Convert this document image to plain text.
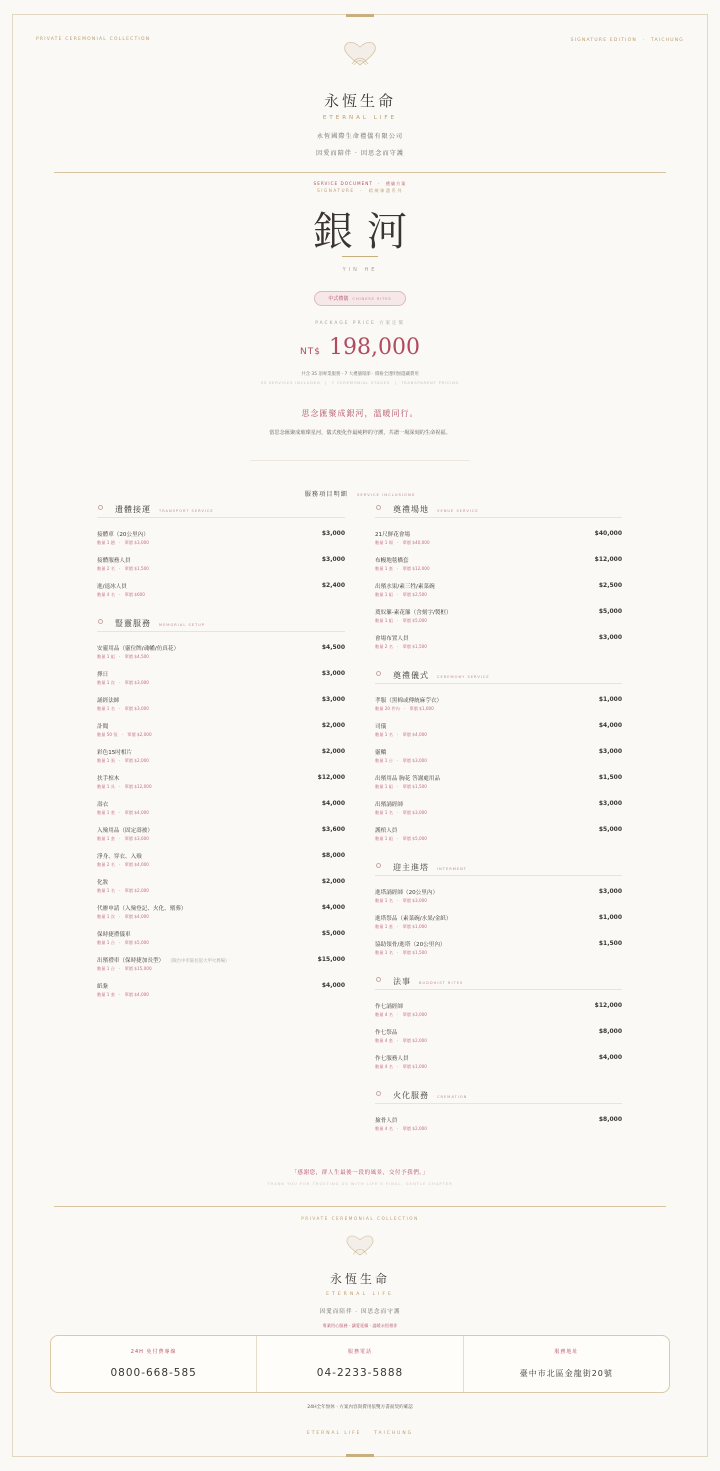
PRIVATE CEREMONIAL COLLECTION	SIGNATURE EDITION　·　TAICHUNG
永恆生命
ETERNAL LIFE
永恆國際生命禮儀有限公司
因愛而陪伴 · 因思念而守護
SERVICE DOCUMENT　·　禮儀方案
SIGNATURE　·　精緻臻選系列
銀河
YIN HE
中式禮儀 CHINESE RITES
PACKAGE PRICE 方案定價
NT$ 198,000
共含 35 項專業服務 · 7 大禮儀環節 · 價格全透明無隱藏費用
35 SERVICES INCLUDED　|　7 CEREMONIAL STAGES　|　TRANSPARENT PRICING
思念匯聚成銀河，溫暖同行。
當思念匯聚成璀璨星河，儀式便化作最純粹的守護，共譜一場深刻的生命祝福。
服務項目明細 SERVICE INCLUSIONS
遺體接運 TRANSPORT SERVICE
接體車（20公里內）
數量 1 趟　·　單價 $3,000
$3,000
接體服務人員
數量 2 名　·　單價 $1,500
$3,000
進/退冰人員
數量 4 名　·　單價 $600
$2,400
豎靈服務 MEMORIAL SETUP
安靈用品（靈位牌/魂幡/仿真花）
數量 1 組　·　單價 $4,500
$4,500
擇日
數量 1 次　·　單價 $3,000
$3,000
誦經法師
數量 1 名　·　單價 $3,000
$3,000
訃聞
數量 50 張　·　單價 $2,000
$2,000
彩色15吋相片
數量 1 張　·　單價 $2,000
$2,000
扶手棺木
數量 1 具　·　單價 $12,000
$12,000
壽衣
數量 1 套　·　單價 $4,000
$4,000
入殮用品（固定壽被）
數量 1 套　·　單價 $3,600
$3,600
淨身、穿衣、入殮
數量 2 名　·　單價 $4,000
$8,000
化妝
數量 1 名　·　單價 $2,000
$2,000
代辦申請（入殮登記、火化、殯葬）
數量 1 次　·　單價 $4,000
$4,000
保時捷禮儀車
數量 1 台　·　單價 $5,000
$5,000
出殯禮車（保時捷加長型） （限台中市區往返大甲火葬場）
數量 1 台　·　單價 $15,000
$15,000
紙紮
數量 1 套　·　單價 $4,000
$4,000
奠禮場地 VENUE SERVICE
21尺鮮花會場
數量 1 場　·　單價 $40,000
$40,000
布幔地毯橋套
數量 1 套　·　單價 $12,000
$12,000
出殯水果/素三牲/素菜碗
數量 1 組　·　單價 $2,500
$2,500
奠奴簾-素花簾（含刻字/製框）
數量 1 組　·　單價 $5,000
$5,000
會場布置人員
數量 2 名　·　單價 $1,500
$3,000
奠禮儀式 CEREMONY SERVICE
孝服（黑棉或傳統麻苧衣）
數量 20 件內　·　單價 $1,000
$1,000
司儀
數量 1 名　·　單價 $4,000
$4,000
靈轎
數量 1 台　·　單價 $3,000
$3,000
出殯用品 胸花 答謝處用品
數量 1 組　·　單價 $1,500
$1,500
出殯誦經師
數量 1 名　·　單價 $3,000
$3,000
護棺人員
數量 1 組　·　單價 $5,000
$5,000
迎主進塔 INTERMENT
進塔誦經師（20公里內）
數量 1 名　·　單價 $3,000
$3,000
進塔祭品（素菜碗/水果/金紙）
數量 1 套　·　單價 $1,000
$1,000
協助領骨/進塔（20公里內）
數量 1 名　·　單價 $1,500
$1,500
法事 BUDDHIST RITES
作七誦經師
數量 4 名　·　單價 $3,000
$12,000
作七祭品
數量 4 套　·　單價 $2,000
$8,000
作七服務人員
數量 4 名　·　單價 $1,000
$4,000
火化服務 CREMATION
撿骨人員
數量 4 名　·　單價 $2,000
$8,000
「感謝您，群人生最後一段的風景，交付予我們。」
THANK YOU FOR TRUSTING US WITH LIFE'S FINAL, GENTLE CHAPTER
PRIVATE CEREMONIAL COLLECTION
永恆生命
ETERNAL LIFE
因愛而陪伴 · 因思念而守護
專業用心服務 · 讓愛延續 · 溫暖永恆相伴
24H 免付費專線
0800-668-585
服務電話
04-2233-5888
服務地址
臺中市北區金龍街20號
24H全年無休 · 方案內容與費用依雙方書面契約確認
ETERNAL LIFE　　TAICHUNG
